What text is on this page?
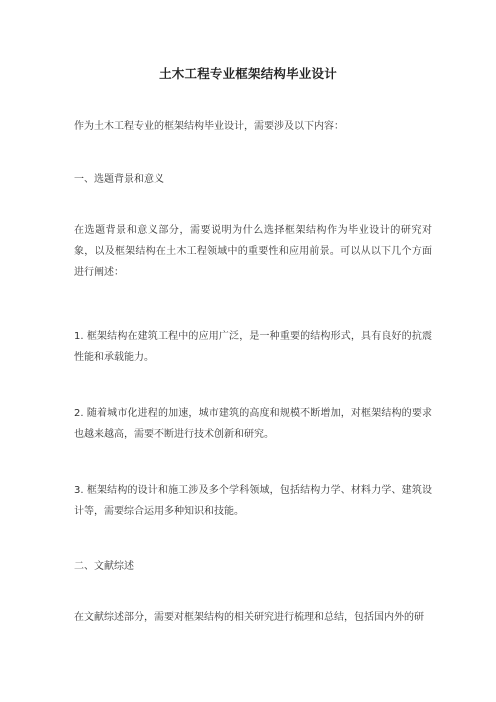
土木工程专业框架结构毕业设计

作为土木工程专业的框架结构毕业设计，需要涉及以下内容：

一、选题背景和意义

在选题背景和意义部分，需要说明为什么选择框架结构作为毕业设计的研究对象，以及框架结构在土木工程领域中的重要性和应用前景。可以从以下几个方面进行阐述：

1. 框架结构在建筑工程中的应用广泛，是一种重要的结构形式，具有良好的抗震性能和承载能力。

2. 随着城市化进程的加速，城市建筑的高度和规模不断增加，对框架结构的要求也越来越高，需要不断进行技术创新和研究。

3. 框架结构的设计和施工涉及多个学科领域，包括结构力学、材料力学、建筑设计等，需要综合运用多种知识和技能。

二、文献综述

在文献综述部分，需要对框架结构的相关研究进行梳理和总结，包括国内外的研
